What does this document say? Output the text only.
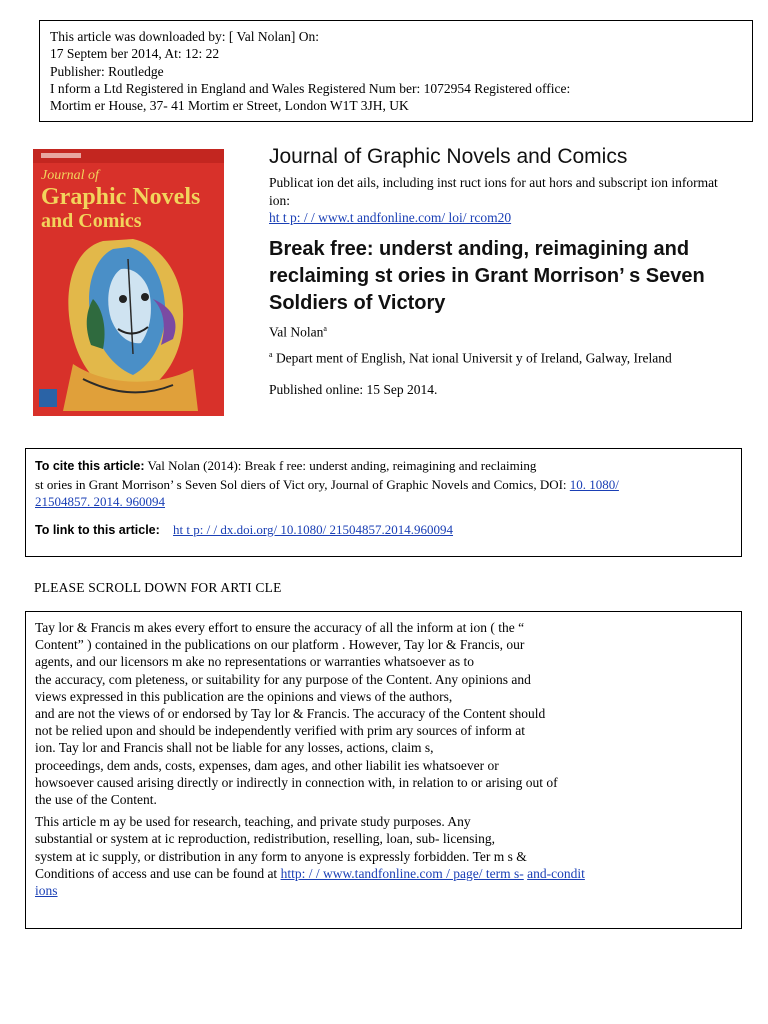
This article was downloaded by: [ Val Nolan] On:
17 Septem ber 2014, At: 12: 22
Publisher: Routledge
I nform a Ltd Registered in England and Wales Registered Num ber: 1072954 Registered office:
Mortim er House, 37- 41 Mortim er Street, London W1T 3JH, UK
Journal of
Graphic Novels
and Comics
Journal of Graphic Novels and Comics
Publicat ion det ails, including inst ruct ions for aut hors and subscript ion informat ion:
ht t p: / / www.t andfonline.com/ loi/ rcom20
Break free: underst anding, reimagining and reclaiming st ories in Grant Morrison’ s Seven Soldiers of Victory
Val Nolan$^a$
$^a$ Depart ment of English, Nat ional Universit y of Ireland, Galway, Ireland
Published online: 15 Sep 2014.
To cite this article: Val Nolan (2014): Break f ree: underst anding, reimagining and reclaiming
st ories in Grant Morrison’ s Seven Sol diers of Vict ory, Journal of Graphic Novels and Comics, DOI: 10. 1080/
21504857. 2014. 960094
To link to this article:    ht t p: / / dx.doi.org/ 10.1080/ 21504857.2014.960094
PLEASE SCROLL DOWN FOR ARTI CLE
Tay lor & Francis m akes every effort to ensure the accuracy of all the inform at ion ( the “
Content” ) contained in the publications on our platform . However, Tay lor & Francis, our
agents, and our licensors m ake no representations or warranties whatsoever as to
the accuracy, com pleteness, or suitability for any purpose of the Content. Any opinions and
views expressed in this publication are the opinions and views of the authors,
and are not the views of or endorsed by Tay lor & Francis. The accuracy of the Content should
not be relied upon and should be independently verified with prim ary sources of inform at
ion. Tay lor and Francis shall not be liable for any losses, actions, claim s,
proceedings, dem ands, costs, expenses, dam ages, and other liabilit ies whatsoever or
howsoever caused arising directly or indirectly in connection with, in relation to or arising out of
the use of the Content.
This article m ay be used for research, teaching, and private study purposes. Any
substantial or system at ic reproduction, redistribution, reselling, loan, sub- licensing,
system at ic supply, or distribution in any form to anyone is expressly forbidden. Ter m s &
Conditions of access and use can be found at http: / / www.tandfonline.com / page/ term s- and-condit
ions
